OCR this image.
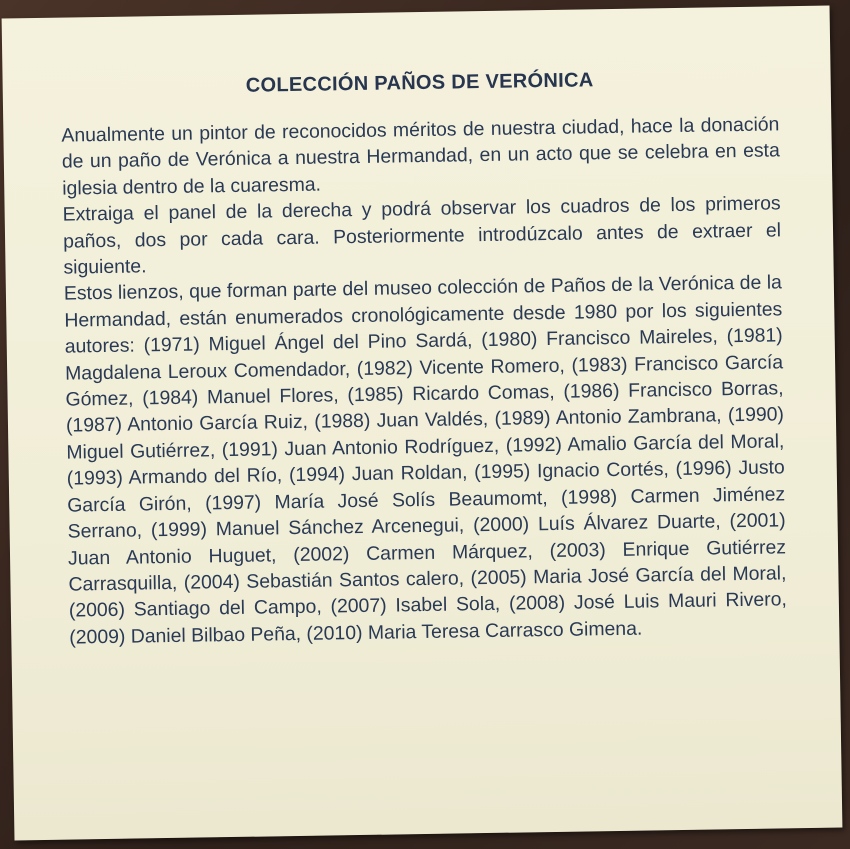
COLECCIÓN PAÑOS DE VERÓNICA

Anualmente un pintor de reconocidos méritos de nuestra ciudad, hace la donación de un paño de Verónica a nuestra Hermandad, en un acto que se celebra en esta iglesia dentro de la cuaresma.

Extraiga el panel de la derecha y podrá observar los cuadros de los primeros paños, dos por cada cara. Posteriormente introdúzcalo antes de extraer el siguiente.

Estos lienzos, que forman parte del museo colección de Paños de la Verónica de la Hermandad, están enumerados cronológicamente desde 1980 por los siguientes autores: (1971) Miguel Ángel del Pino Sardá, (1980) Francisco Maireles, (1981) Magdalena Leroux Comendador, (1982) Vicente Romero, (1983) Francisco García Gómez, (1984) Manuel Flores, (1985) Ricardo Comas, (1986) Francisco Borras, (1987) Antonio García Ruiz, (1988) Juan Valdés, (1989) Antonio Zambrana, (1990) Miguel Gutiérrez, (1991) Juan Antonio Rodríguez, (1992) Amalio García del Moral, (1993) Armando del Río, (1994) Juan Roldan, (1995) Ignacio Cortés, (1996) Justo García Girón, (1997) María José Solís Beaumomt, (1998) Carmen Jiménez Serrano, (1999) Manuel Sánchez Arcenegui, (2000) Luís Álvarez Duarte, (2001) Juan Antonio Huguet, (2002) Carmen Márquez, (2003) Enrique Gutiérrez Carrasquilla, (2004) Sebastián Santos calero, (2005) Maria José García del Moral, (2006) Santiago del Campo, (2007) Isabel Sola, (2008) José Luis Mauri Rivero, (2009) Daniel Bilbao Peña, (2010) Maria Teresa Carrasco Gimena.
